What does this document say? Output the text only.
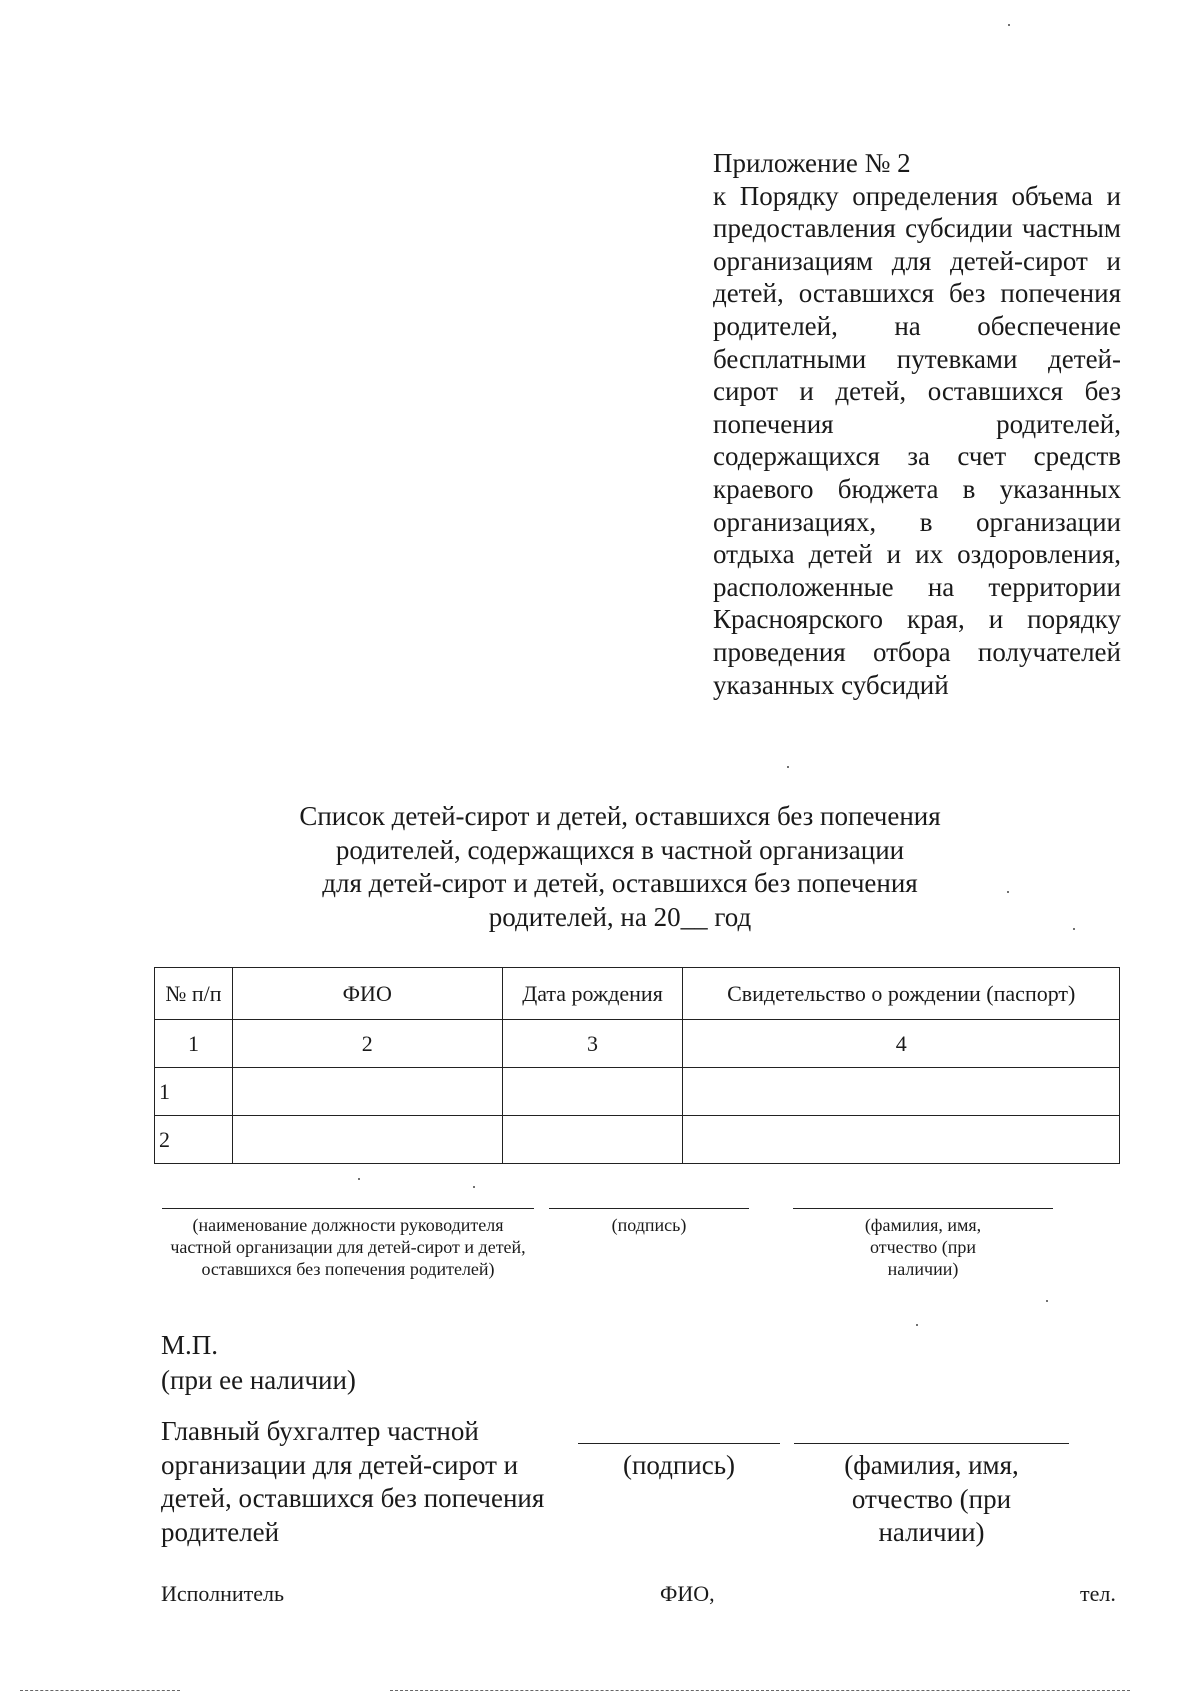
Приложение № 2
к Порядку определения объема и предоставления субсидии частным организациям для детей-сирот и детей, оставшихся без попечения родителей, на обеспечение бесплатными путевками детей-сирот и детей, оставшихся без попечения родителей, содержащихся за счет средств краевого бюджета в указанных организациях, в организации отдыха детей и их оздоровления, расположенные на территории Красноярского края, и порядку проведения отбора получателей указанных субсидий
Список детей-сирот и детей, оставшихся без попечения
родителей, содержащихся в частной организации
для детей-сирот и детей, оставшихся без попечения
родителей, на 20__ год
№ п/п	ФИО	Дата рождения	Свидетельство о рождении (паспорт)
1	2	3	4
1			
2			
(наименование должности руководителя частной организации для детей-сирот и детей, оставшихся без попечения родителей)
(подпись)	(фамилия, имя, отчество (при наличии)
М.П.
(при ее наличии)
Главный бухгалтер частной организации для детей-сирот и детей, оставшихся без попечения родителей
(подпись)	(фамилия, имя, отчество (при наличии)
Исполнитель	ФИО,	тел.
